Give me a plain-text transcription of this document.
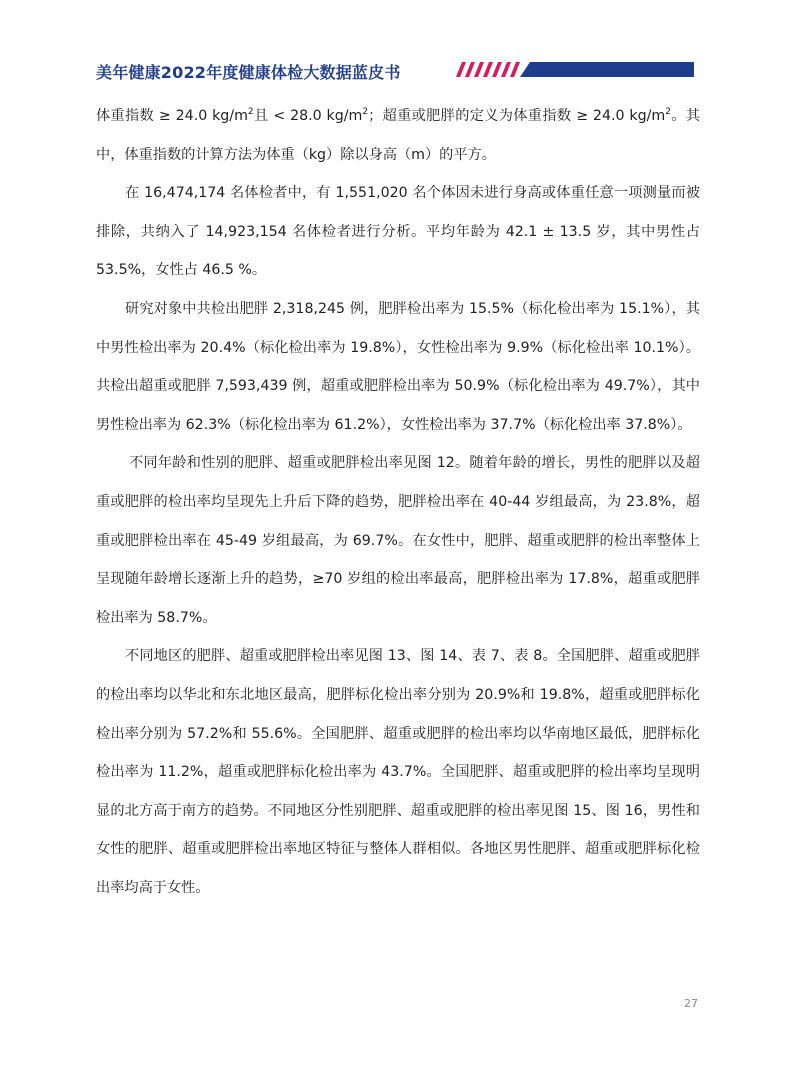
美年健康2022年度健康体检大数据蓝皮书

体重指数 ≥ 24.0 $kg/m^2$且 < 28.0 $kg/m^2$；超重或肥胖的定义为体重指数 ≥ 24.0 $kg/m^2$。其中，体重指数的计算方法为体重（kg）除以身高（m）的平方。

在 16,474,174 名体检者中，有 1,551,020 名个体因未进行身高或体重任意一项测量而被排除，共纳入了 14,923,154 名体检者进行分析。平均年龄为 42.1 ± 13.5 岁，其中男性占 53.5%，女性占 46.5 %。

研究对象中共检出肥胖 2,318,245 例，肥胖检出率为 15.5%（标化检出率为 15.1%），其中男性检出率为 20.4%（标化检出率为 19.8%），女性检出率为 9.9%（标化检出率 10.1%）。共检出超重或肥胖 7,593,439 例，超重或肥胖检出率为 50.9%（标化检出率为 49.7%），其中男性检出率为 62.3%（标化检出率为 61.2%），女性检出率为 37.7%（标化检出率 37.8%）。

不同年龄和性别的肥胖、超重或肥胖检出率见图 12。随着年龄的增长，男性的肥胖以及超重或肥胖的检出率均呈现先上升后下降的趋势，肥胖检出率在 40-44 岁组最高，为 23.8%，超重或肥胖检出率在 45-49 岁组最高，为 69.7%。在女性中，肥胖、超重或肥胖的检出率整体上呈现随年龄增长逐渐上升的趋势，≥70 岁组的检出率最高，肥胖检出率为 17.8%，超重或肥胖检出率为 58.7%。

不同地区的肥胖、超重或肥胖检出率见图 13、图 14、表 7、表 8。全国肥胖、超重或肥胖的检出率均以华北和东北地区最高，肥胖标化检出率分别为 20.9%和 19.8%，超重或肥胖标化检出率分别为 57.2%和 55.6%。全国肥胖、超重或肥胖的检出率均以华南地区最低，肥胖标化检出率为 11.2%，超重或肥胖标化检出率为 43.7%。全国肥胖、超重或肥胖的检出率均呈现明显的北方高于南方的趋势。不同地区分性别肥胖、超重或肥胖的检出率见图 15、图 16，男性和女性的肥胖、超重或肥胖检出率地区特征与整体人群相似。各地区男性肥胖、超重或肥胖标化检出率均高于女性。

27
